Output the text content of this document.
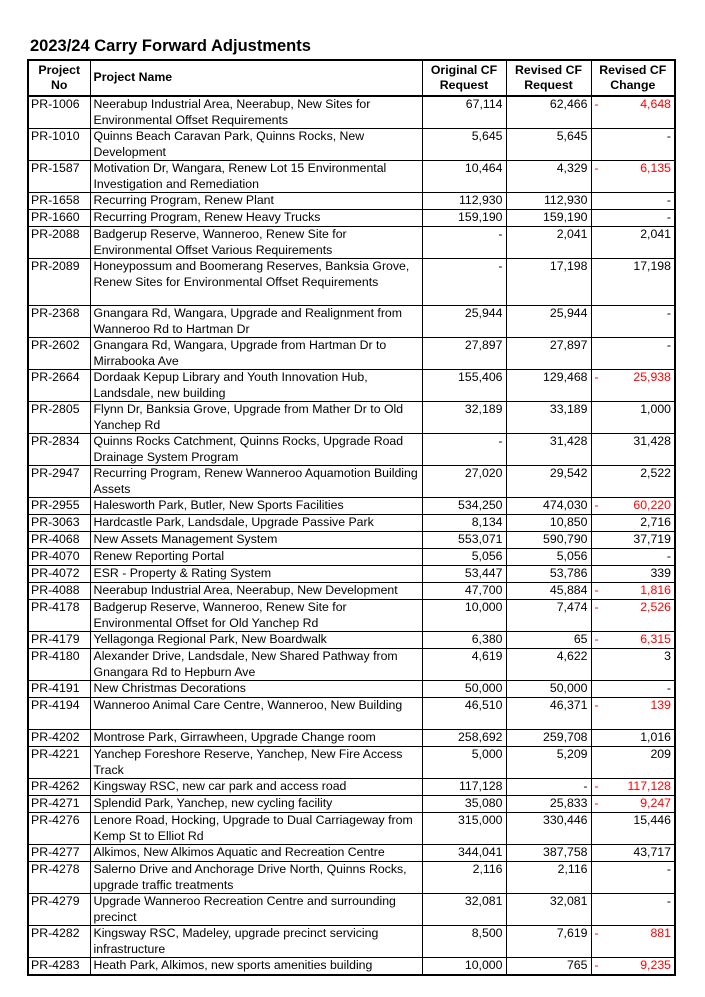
2023/24 Carry Forward Adjustments
Project No	Project Name	Original CF Request	Revised CF Request	Revised CF Change
PR-1006	Neerabup Industrial Area, Neerabup, New Sites for Environmental Offset Requirements	67,114	62,466	- 4,648
PR-1010	Quinns Beach Caravan Park, Quinns Rocks, New Development	5,645	5,645	-
PR-1587	Motivation Dr, Wangara, Renew Lot 15 Environmental Investigation and Remediation	10,464	4,329	- 6,135
PR-1658	Recurring Program, Renew Plant	112,930	112,930	-
PR-1660	Recurring Program, Renew Heavy Trucks	159,190	159,190	-
PR-2088	Badgerup Reserve, Wanneroo, Renew Site for Environmental Offset Various Requirements	-	2,041	2,041
PR-2089	Honeypossum and Boomerang Reserves, Banksia Grove, Renew Sites for Environmental Offset Requirements	-	17,198	17,198
PR-2368	Gnangara Rd, Wangara, Upgrade and Realignment from Wanneroo Rd to Hartman Dr	25,944	25,944	-
PR-2602	Gnangara Rd, Wangara, Upgrade from Hartman Dr to Mirrabooka Ave	27,897	27,897	-
PR-2664	Dordaak Kepup Library and Youth Innovation Hub, Landsdale, new building	155,406	129,468	- 25,938
PR-2805	Flynn Dr, Banksia Grove, Upgrade from Mather Dr to Old Yanchep Rd	32,189	33,189	1,000
PR-2834	Quinns Rocks Catchment, Quinns Rocks, Upgrade Road Drainage System Program	-	31,428	31,428
PR-2947	Recurring Program, Renew Wanneroo Aquamotion Building Assets	27,020	29,542	2,522
PR-2955	Halesworth Park, Butler, New Sports Facilities	534,250	474,030	- 60,220
PR-3063	Hardcastle Park, Landsdale, Upgrade Passive Park	8,134	10,850	2,716
PR-4068	New Assets Management System	553,071	590,790	37,719
PR-4070	Renew Reporting Portal	5,056	5,056	-
PR-4072	ESR - Property & Rating System	53,447	53,786	339
PR-4088	Neerabup Industrial Area, Neerabup, New Development	47,700	45,884	- 1,816
PR-4178	Badgerup Reserve, Wanneroo, Renew Site for Environmental Offset for Old Yanchep Rd	10,000	7,474	- 2,526
PR-4179	Yellagonga Regional Park, New Boardwalk	6,380	65	- 6,315
PR-4180	Alexander Drive, Landsdale, New Shared Pathway from Gnangara Rd to Hepburn Ave	4,619	4,622	3
PR-4191	New Christmas Decorations	50,000	50,000	-
PR-4194	Wanneroo Animal Care Centre, Wanneroo, New Building	46,510	46,371	- 139
PR-4202	Montrose Park, Girrawheen, Upgrade Change room	258,692	259,708	1,016
PR-4221	Yanchep Foreshore Reserve, Yanchep, New Fire Access Track	5,000	5,209	209
PR-4262	Kingsway RSC, new car park and access road	117,128	-	- 117,128
PR-4271	Splendid Park, Yanchep, new cycling facility	35,080	25,833	- 9,247
PR-4276	Lenore Road, Hocking, Upgrade to Dual Carriageway from Kemp St to Elliot Rd	315,000	330,446	15,446
PR-4277	Alkimos, New Alkimos Aquatic and Recreation Centre	344,041	387,758	43,717
PR-4278	Salerno Drive and Anchorage Drive North, Quinns Rocks, upgrade traffic treatments	2,116	2,116	-
PR-4279	Upgrade Wanneroo Recreation Centre and surrounding precinct	32,081	32,081	-
PR-4282	Kingsway RSC, Madeley, upgrade precinct servicing infrastructure	8,500	7,619	- 881
PR-4283	Heath Park, Alkimos, new sports amenities building	10,000	765	- 9,235
